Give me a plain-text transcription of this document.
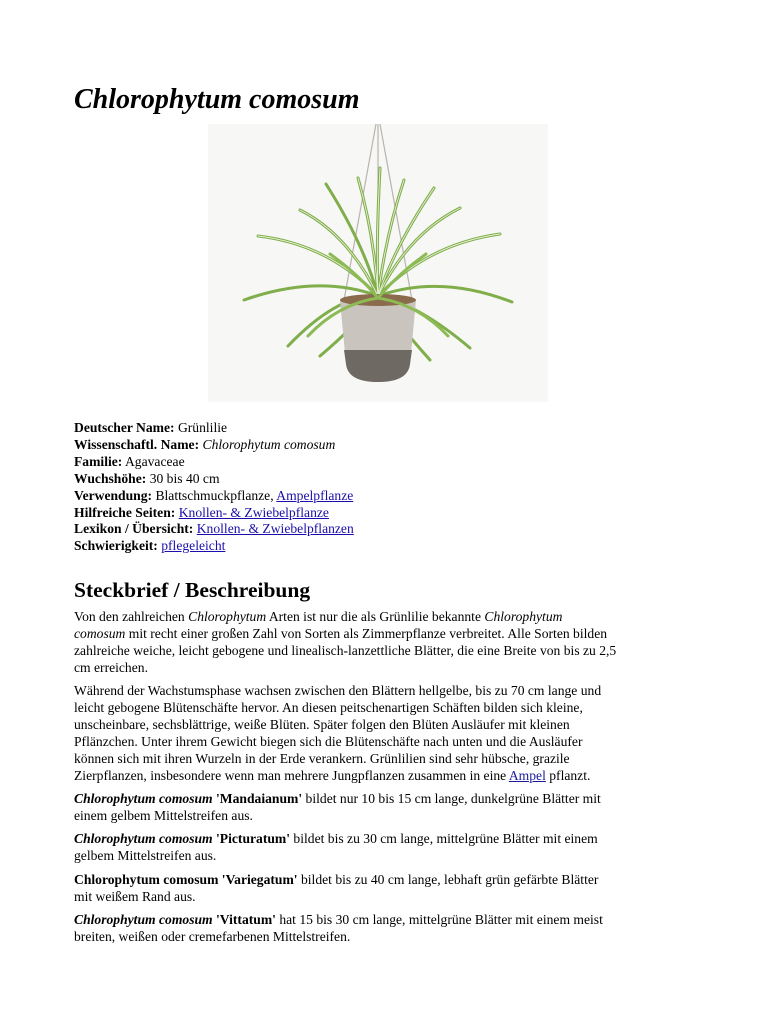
Chlorophytum comosum
Deutscher Name: Grünlilie
Wissenschaftl. Name: Chlorophytum comosum
Familie: Agavaceae
Wuchshöhe: 30 bis 40 cm
Verwendung: Blattschmuckpflanze, Ampelpflanze
Hilfreiche Seiten: Knollen- & Zwiebelpflanze
Lexikon / Übersicht: Knollen- & Zwiebelpflanzen
Schwierigkeit: pflegeleicht
Steckbrief / Beschreibung

Von den zahlreichen Chlorophytum Arten ist nur die als Grünlilie bekannte Chlorophytum
comosum mit recht einer großen Zahl von Sorten als Zimmerpflanze verbreitet. Alle Sorten bilden
zahlreiche weiche, leicht gebogene und linealisch-lanzettliche Blätter, die eine Breite von bis zu 2,5
cm erreichen.

Während der Wachstumsphase wachsen zwischen den Blättern hellgelbe, bis zu 70 cm lange und
leicht gebogene Blütenschäfte hervor. An diesen peitschenartigen Schäften bilden sich kleine,
unscheinbare, sechsblättrige, weiße Blüten. Später folgen den Blüten Ausläufer mit kleinen
Pflänzchen. Unter ihrem Gewicht biegen sich die Blütenschäfte nach unten und die Ausläufer
können sich mit ihren Wurzeln in der Erde verankern. Grünlilien sind sehr hübsche, grazile
Zierpflanzen, insbesondere wenn man mehrere Jungpflanzen zusammen in eine Ampel pflanzt.

Chlorophytum comosum 'Mandaianum' bildet nur 10 bis 15 cm lange, dunkelgrüne Blätter mit
einem gelbem Mittelstreifen aus.

Chlorophytum comosum 'Picturatum' bildet bis zu 30 cm lange, mittelgrüne Blätter mit einem
gelbem Mittelstreifen aus.

Chlorophytum comosum 'Variegatum' bildet bis zu 40 cm lange, lebhaft grün gefärbte Blätter
mit weißem Rand aus.

Chlorophytum comosum 'Vittatum' hat 15 bis 30 cm lange, mittelgrüne Blätter mit einem meist
breiten, weißen oder cremefarbenen Mittelstreifen.
